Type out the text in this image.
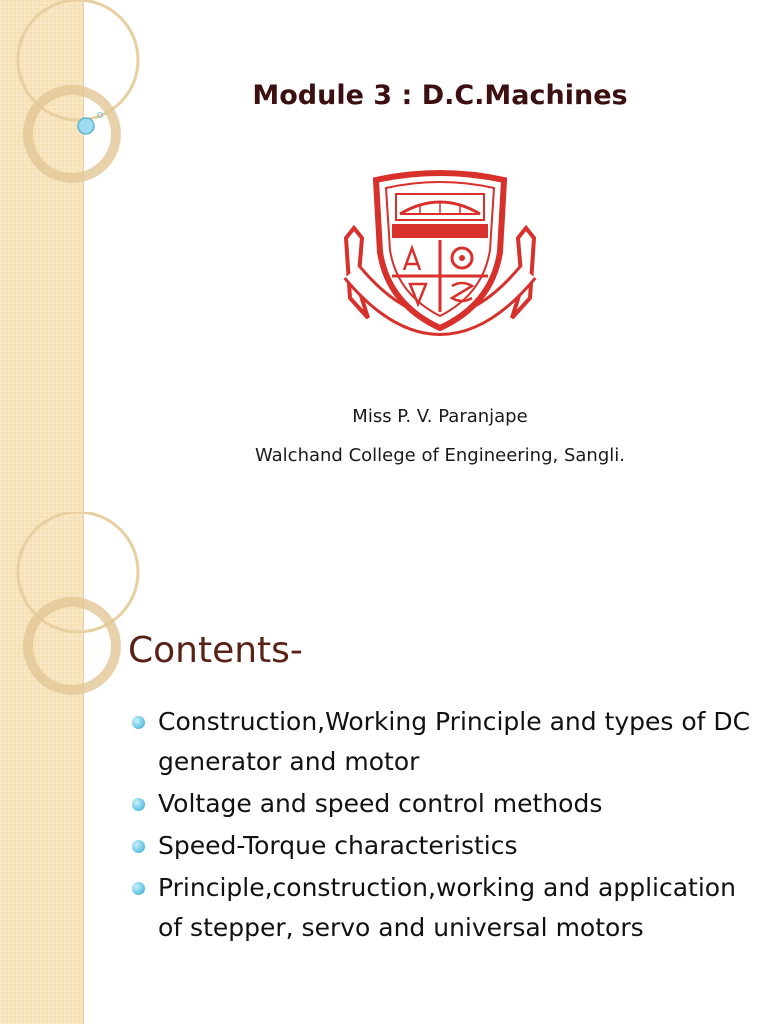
Module 3 : D.C.Machines
Miss P. V. Paranjape
Walchand College of Engineering, Sangli.
Contents-
Construction,Working Principle and types of DC generator and motor
Voltage and speed control methods
Speed-Torque characteristics
Principle,construction,working and application of stepper, servo and universal motors
